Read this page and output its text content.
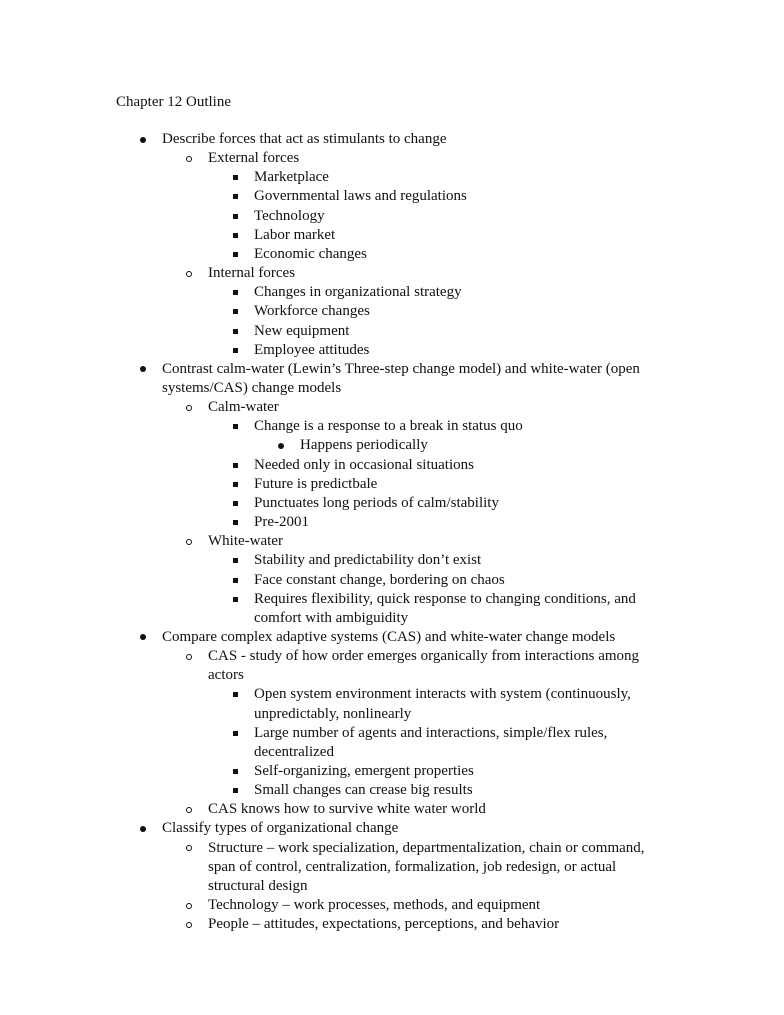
Chapter 12 Outline
Describe forces that act as stimulants to change
External forces
Marketplace
Governmental laws and regulations
Technology
Labor market
Economic changes
Internal forces
Changes in organizational strategy
Workforce changes
New equipment
Employee attitudes
Contrast calm-water (Lewin’s Three-step change model) and white-water (open
systems/CAS) change models
Calm-water
Change is a response to a break in status quo
Happens periodically
Needed only in occasional situations
Future is predictbale
Punctuates long periods of calm/stability
Pre-2001
White-water
Stability and predictability don’t exist
Face constant change, bordering on chaos
Requires flexibility, quick response to changing conditions, and
comfort with ambiguidity
Compare complex adaptive systems (CAS) and white-water change models
CAS - study of how order emerges organically from interactions among
actors
Open system environment interacts with system (continuously,
unpredictably, nonlinearly
Large number of agents and interactions, simple/flex rules,
decentralized
Self-organizing, emergent properties
Small changes can crease big results
CAS knows how to survive white water world
Classify types of organizational change
Structure – work specialization, departmentalization, chain or command,
span of control, centralization, formalization, job redesign, or actual
structural design
Technology – work processes, methods, and equipment
People – attitudes, expectations, perceptions, and behavior
